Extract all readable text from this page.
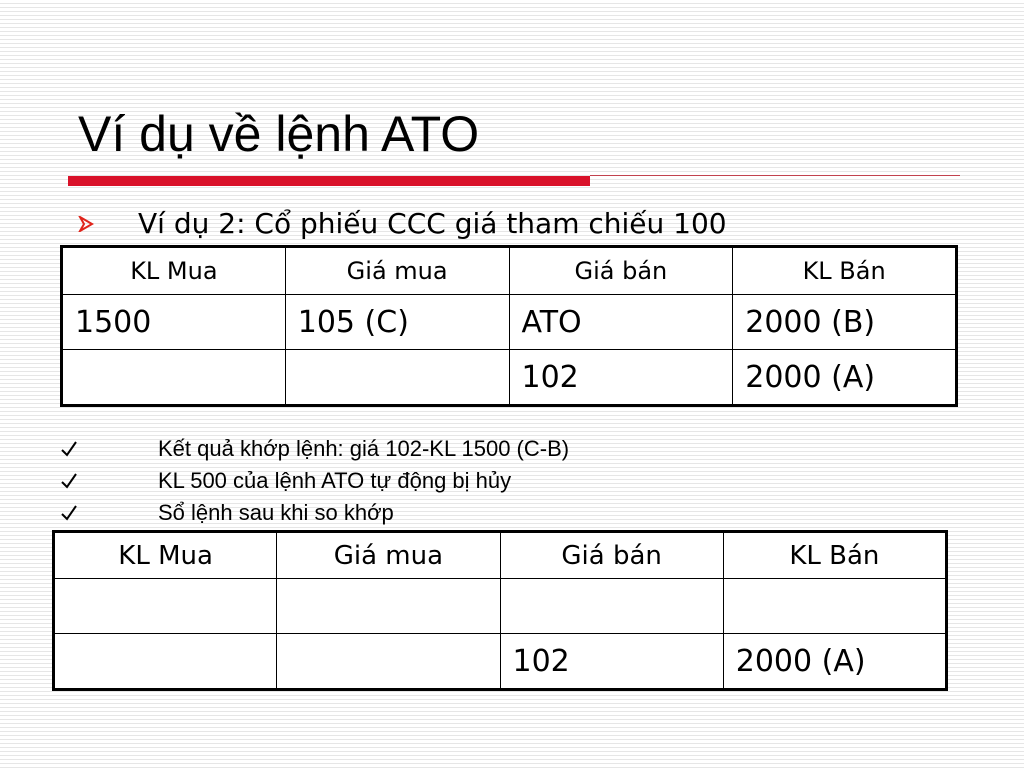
Ví dụ về lệnh ATO
Ví dụ 2: Cổ phiếu CCC giá tham chiếu 100
KL Mua	Giá mua	Giá bán	KL Bán
1500	105 (C)	ATO	2000 (B)
		102	2000 (A)
Kết quả khớp lệnh: giá 102-KL 1500 (C-B)
KL 500 của lệnh ATO tự động bị hủy
Sổ lệnh sau khi so khớp
KL Mua	Giá mua	Giá bán	KL Bán

		102	2000 (A)
